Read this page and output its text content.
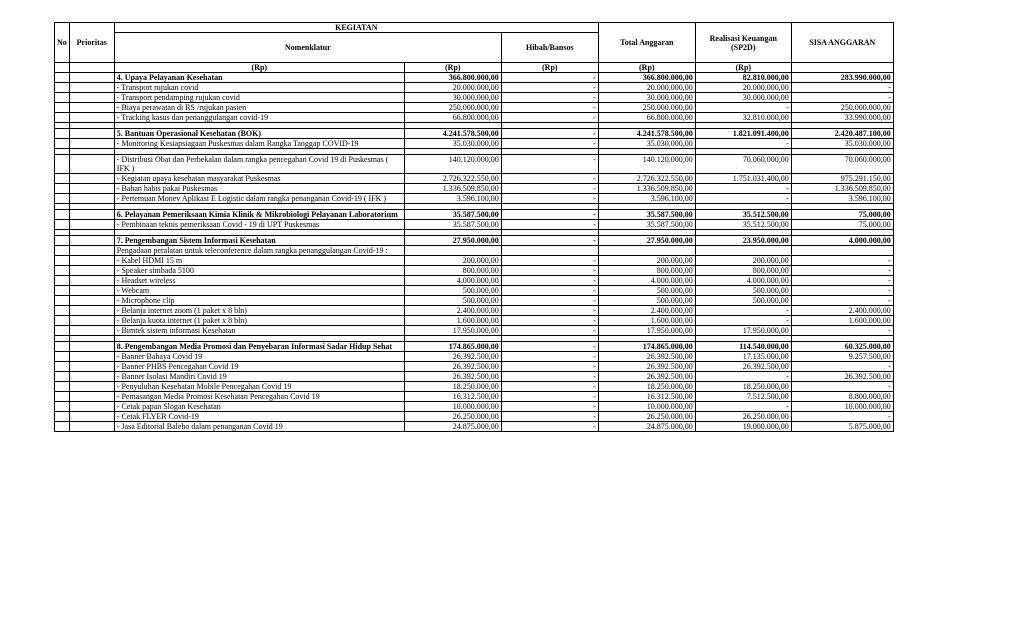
No	Prioritas	KEGIATAN			Total Anggaran	Realisasi Keuangan (SP2D)	SISA ANGGARAN
		Nomenklatur		Hibah/Bansos			
		(Rp)	(Rp)	(Rp)	(Rp)	(Rp)	
		4. Upaya Pelayanan Kesehatan	366.800.000,00	-	366.800.000,00	82.810.000,00	283.990.000,00
		- Transport rujukan covid	20.000.000,00	-	20.000.000,00	20.000.000,00	-
		- Transport pendamping rujukan covid	30.000.000,00	-	30.000.000,00	30.000.000,00	-
		- Biaya perawatan di RS /rujukan pasien	250.000.000,00	-	250.000.000,00	-	250.000.000,00
		- Tracking kasus dan penanggulangan covid-19	66.800.000,00	-	66.800.000,00	32.810.000,00	33.990.000,00

		5. Bantuan Operasional Kesehatan (BOK)	4.241.578.500,00	-	4.241.578.500,00	1.821.091.400,00	2.420.487.100,00
		- Monitoring Kesiapsiagaan Puskesmas dalam Rangka Tanggap COVID-19	35.030.000,00	-	35.030.000,00	-	35.030.000,00

		- Distribusi Obat dan Perbekalan dalam rangka pencegahan Covid 19 di Puskesmas ( IFK )	140.120.000,00	-	140.120.000,00	70.060.000,00	70.060.000,00
		- Kegiatan upaya kesehatan masyarakat Puskesmas	2.726.322.550,00	-	2.726.322.550,00	1.751.031.400,00	975.291.150,00
		- Bahan habis pakai Puskesmas	1.336.509.850,00	-	1.336.509.850,00	-	1.336.509.850,00
		- Pertemuan Monev Aplikasi E Logistic dalam rangka penanganan Covid-19 ( IFK )	3.596.100,00	-	3.596.100,00	-	3.596.100,00

		6. Pelayanan Pemeriksaan Kimia Klinik & Mikrobiologi Pelayanan Laboratorium	35.587.500,00	-	35.587.500,00	35.512.500,00	75.000,00
		- Pembinaan teknis pemeriksaan Covid - 19 di UPT Puskesmas	35.587.500,00	-	35.587.500,00	35.512.500,00	75.000,00

		7. Pengembangan Sistem Informasi Kesehatan	27.950.000,00	-	27.950.000,00	23.950.000,00	4.000.000,00
		Pengadaan peralatan untuk teleconference dalam rangka penanggulangan Covid-19 :					
		- Kabel HDMI 15 m	200.000,00	-	200.000,00	200.000,00	-
		- Speaker simbada 5100	800.000,00	-	800.000,00	800.000,00	-
		- Headset wireless	4.000.000,00	-	4.000.000,00	4.000.000,00	-
		- Webcam	500.000,00	-	500.000,00	500.000,00	-
		- Microphone clip	500.000,00	-	500.000,00	500.000,00	-
		- Belanja internet zoom (1 paket x 8 bln)	2.400.000,00	-	2.400.000,00	-	2.400.000,00
		- Belanja kuota internet (1 paket x 8 bln)	1.600.000,00	-	1.600.000,00	-	1.600.000,00
		- Bimtek sistem informasi Kesehatan	17.950.000,00	-	17.950.000,00	17.950.000,00	-

		8. Pengembangan Media Promosi dan Penyebaran Informasi Sadar Hidup Sehat	174.865.000,00	-	174.865.000,00	114.540.000,00	60.325.000,00
		- Banner Bahaya Covid 19	26.392.500,00	-	26.392.500,00	17.135.000,00	9.257.500,00
		- Banner PHBS Pencegahan Covid 19	26.392.500,00	-	26.392.500,00	26.392.500,00	-
		- Banner Isolasi Mandiri Covid 19	26.392.500,00	-	26.392.500,00	-	26.392.500,00
		- Penyuluhan Kesehatan Mobile Pencegahan Covid 19	18.250.000,00	-	18.250.000,00	18.250.000,00	-
		- Pemasangan Media Promosi Kesehatan Pencegahan Covid 19	16.312.500,00	-	16.312.500,00	7.512.500,00	8.800.000,00
		- Cetak papan Slogan Kesehatan	10.000.000,00	-	10.000.000,00	-	10.000.000,00
		- Cetak FLYER Covid-19	26.250.000,00	-	26.250.000,00	26.250.000,00	-
		- Jasa Editorial Baleho dalam penanganan Covid 19	24.875.000,00	-	24.875.000,00	19.000.000,00	5.875.000,00
